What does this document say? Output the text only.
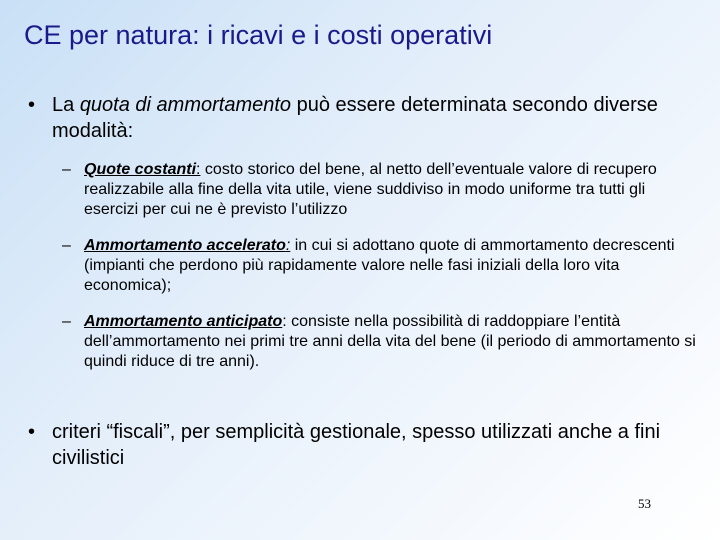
CE per natura: i ricavi e i costi operativi
• La quota di ammortamento può essere determinata secondo diverse modalità:
– Quote costanti: costo storico del bene, al netto dell’eventuale valore di recupero realizzabile alla fine della vita utile, viene suddiviso in modo uniforme tra tutti gli esercizi per cui ne è previsto l’utilizzo
– Ammortamento accelerato: in cui si adottano quote di ammortamento decrescenti (impianti che perdono più rapidamente valore nelle fasi iniziali della loro vita economica);
– Ammortamento anticipato: consiste nella possibilità di raddoppiare l’entità dell’ammortamento nei primi tre anni della vita del bene (il periodo di ammortamento si quindi riduce di tre anni).
• criteri “fiscali”, per semplicità gestionale, spesso utilizzati anche a fini civilistici
53
